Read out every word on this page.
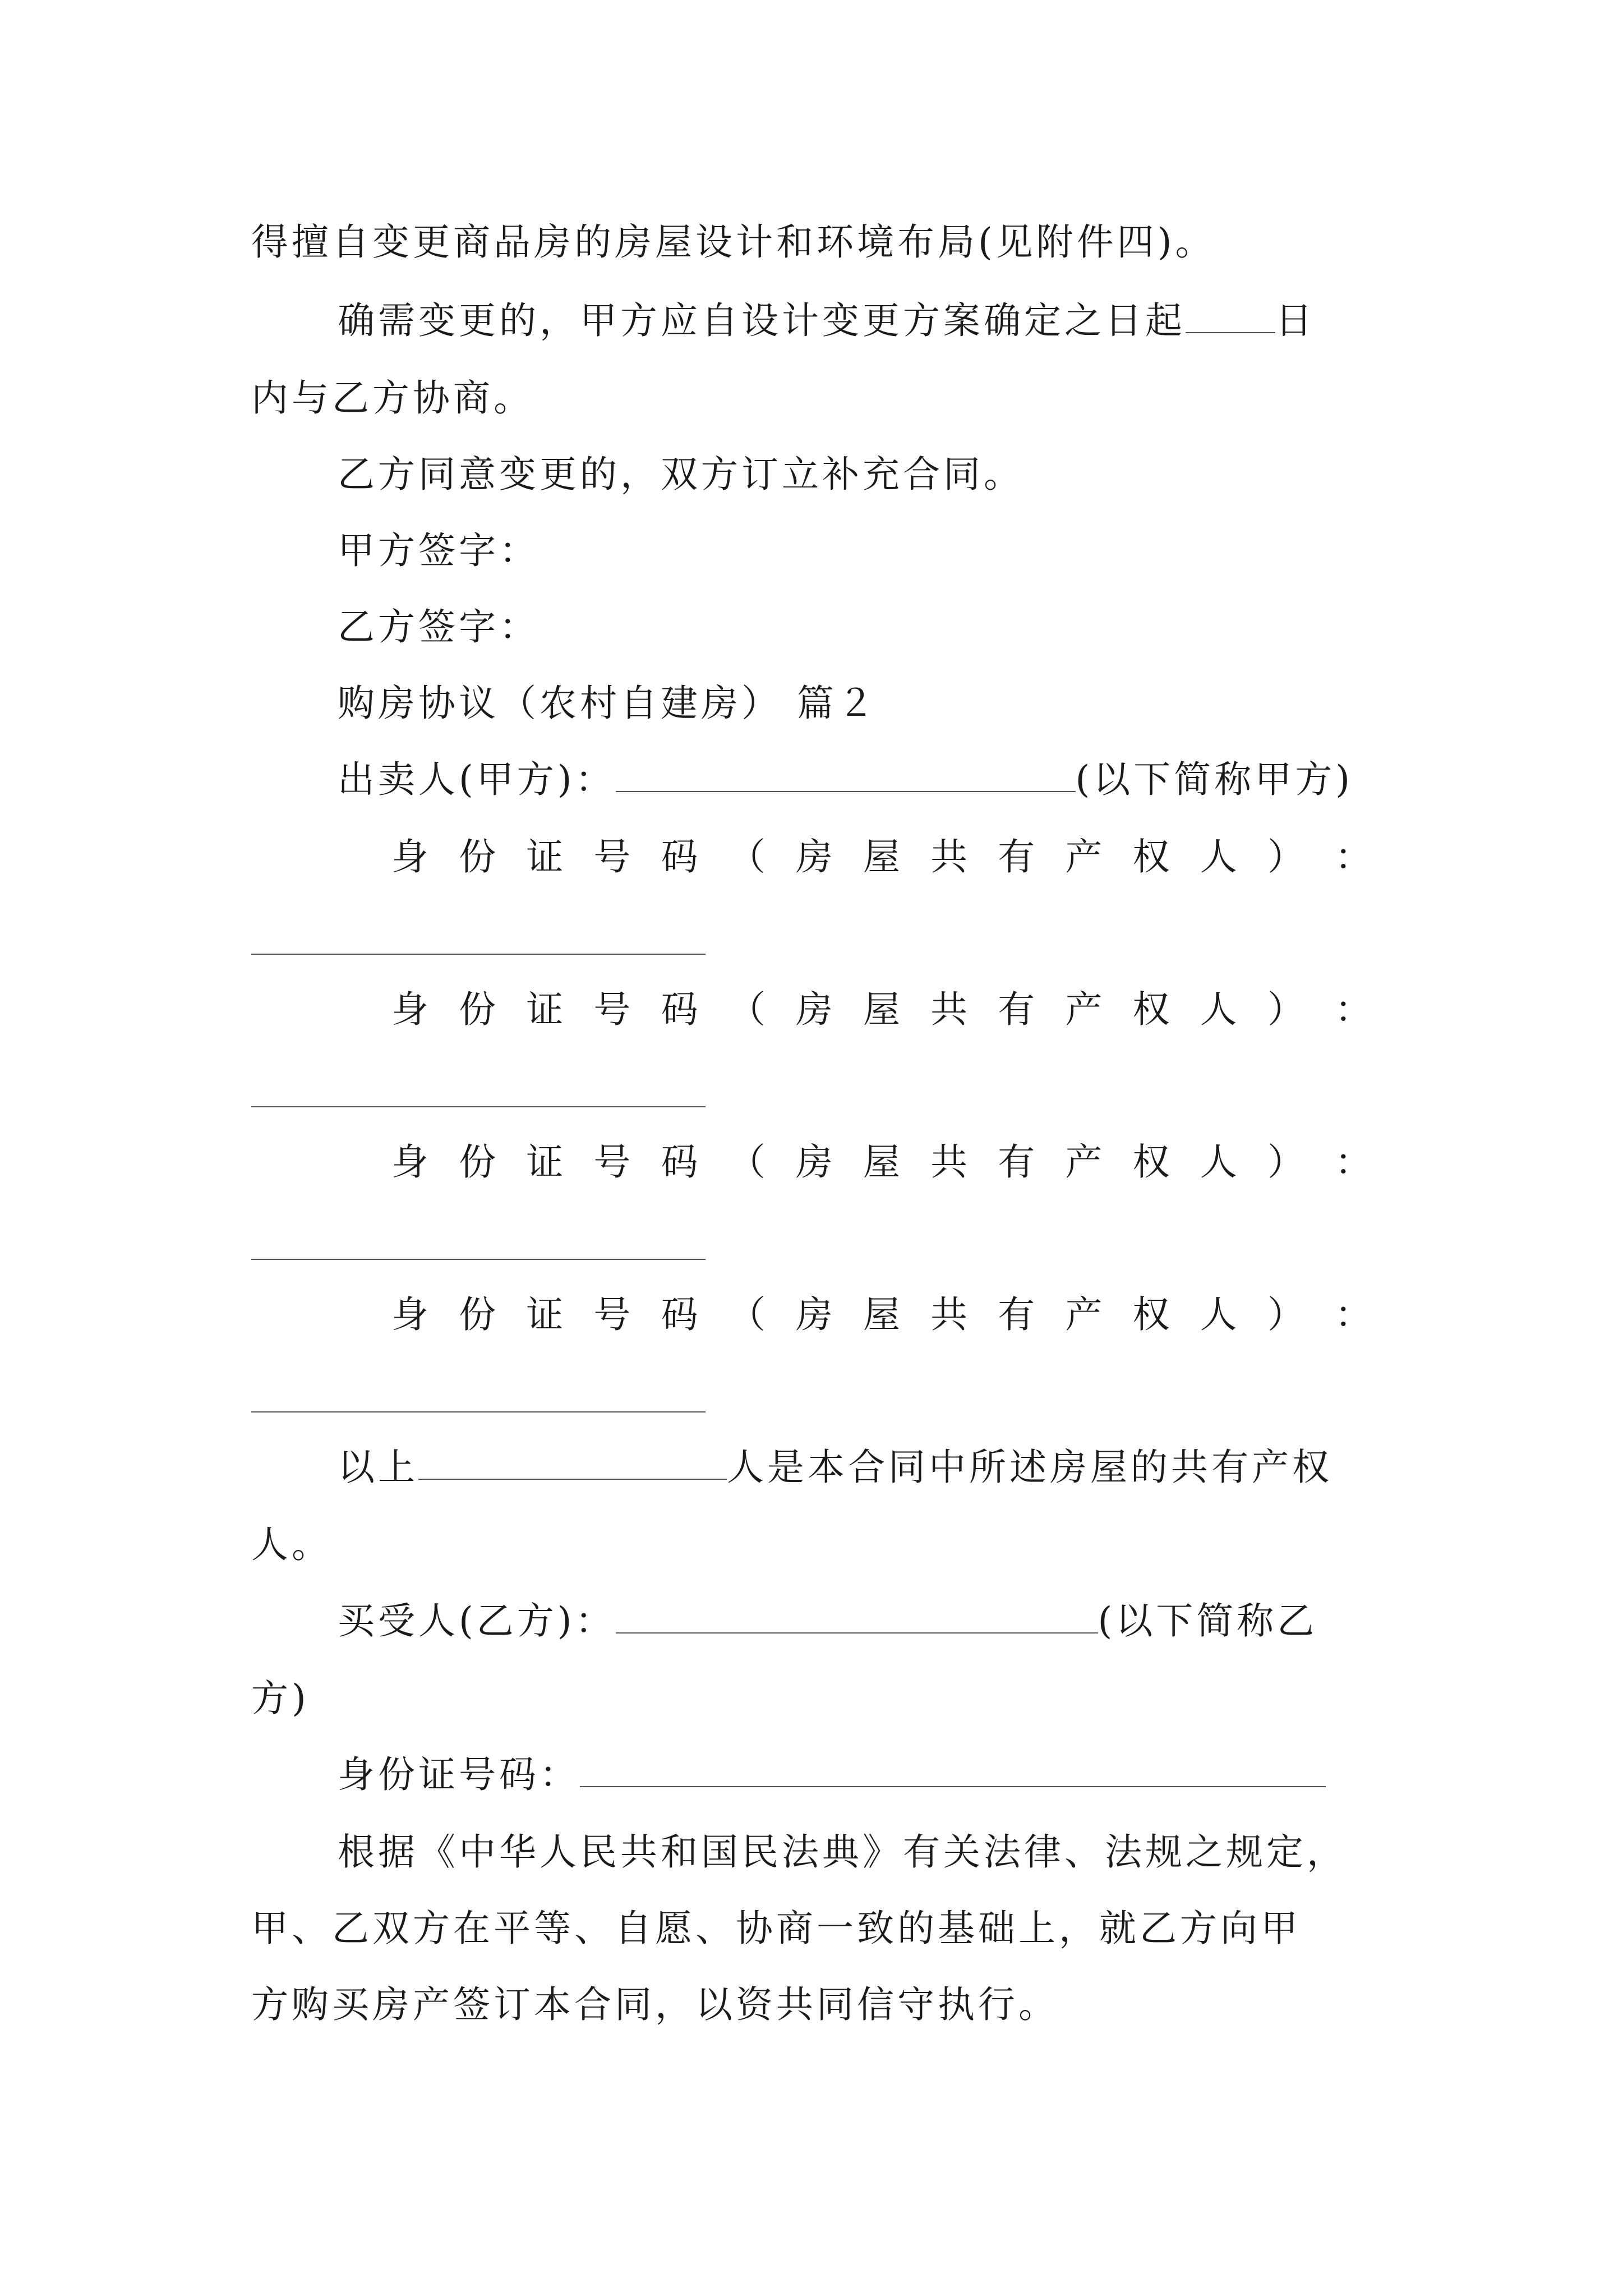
得擅自变更商品房的房屋设计和环境布局(见附件四)。
确需变更的，甲方应自设计变更方案确定之日起 日
内与乙方协商。
乙方同意变更的，双方订立补充合同。
甲方签字：
乙方签字：
购房协议（农村自建房） 篇２
出卖人(甲方)：	(以下简称甲方)
身 份 证 号 码 （ 房 屋 共 有 产 权 人 ） ：
身 份 证 号 码 （ 房 屋 共 有 产 权 人 ） ：
身 份 证 号 码 （ 房 屋 共 有 产 权 人 ） ：
身 份 证 号 码 （ 房 屋 共 有 产 权 人 ） ：
以上	人是本合同中所述房屋的共有产权
人。
买受人(乙方)：	(以下简称乙
方)
身份证号码：
根据《中华人民共和国民法典》有关法律、法规之规定，
甲、乙双方在平等、自愿、协商一致的基础上，就乙方向甲
方购买房产签订本合同，以资共同信守执行。
